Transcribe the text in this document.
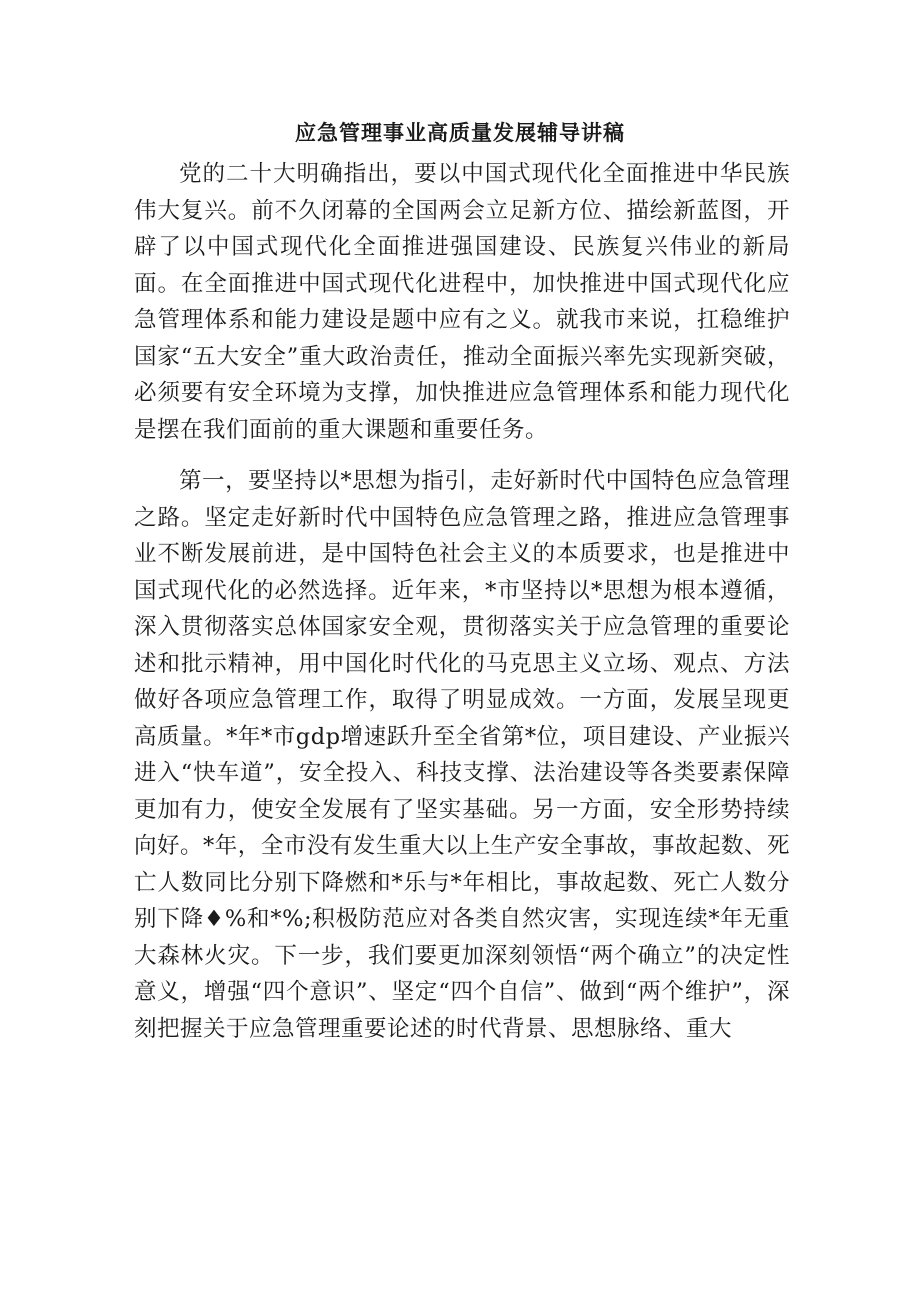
应急管理事业高质量发展辅导讲稿

党的二十大明确指出，要以中国式现代化全面推进中华民族伟大复兴。前不久闭幕的全国两会立足新方位、描绘新蓝图，开辟了以中国式现代化全面推进强国建设、民族复兴伟业的新局面。在全面推进中国式现代化进程中，加快推进中国式现代化应急管理体系和能力建设是题中应有之义。就我市来说，扛稳维护国家“五大安全”重大政治责任，推动全面振兴率先实现新突破，必须要有安全环境为支撑，加快推进应急管理体系和能力现代化是摆在我们面前的重大课题和重要任务。

第一，要坚持以*思想为指引，走好新时代中国特色应急管理之路。坚定走好新时代中国特色应急管理之路，推进应急管理事业不断发展前进，是中国特色社会主义的本质要求，也是推进中国式现代化的必然选择。近年来，*市坚持以*思想为根本遵循，深入贯彻落实总体国家安全观，贯彻落实关于应急管理的重要论述和批示精神，用中国化时代化的马克思主义立场、观点、方法做好各项应急管理工作，取得了明显成效。一方面，发展呈现更高质量。*年*市gdp增速跃升至全省第*位，项目建设、产业振兴进入“快车道”，安全投入、科技支撑、法治建设等各类要素保障更加有力，使安全发展有了坚实基础。另一方面，安全形势持续向好。*年，全市没有发生重大以上生产安全事故，事故起数、死亡人数同比分别下降燃和*乐与*年相比，事故起数、死亡人数分别下降♦%和*%;积极防范应对各类自然灾害，实现连续*年无重大森林火灾。下一步，我们要更加深刻领悟“两个确立”的决定性意义，增强“四个意识”、坚定“四个自信”、做到“两个维护”，深刻把握关于应急管理重要论述的时代背景、思想脉络、重大
